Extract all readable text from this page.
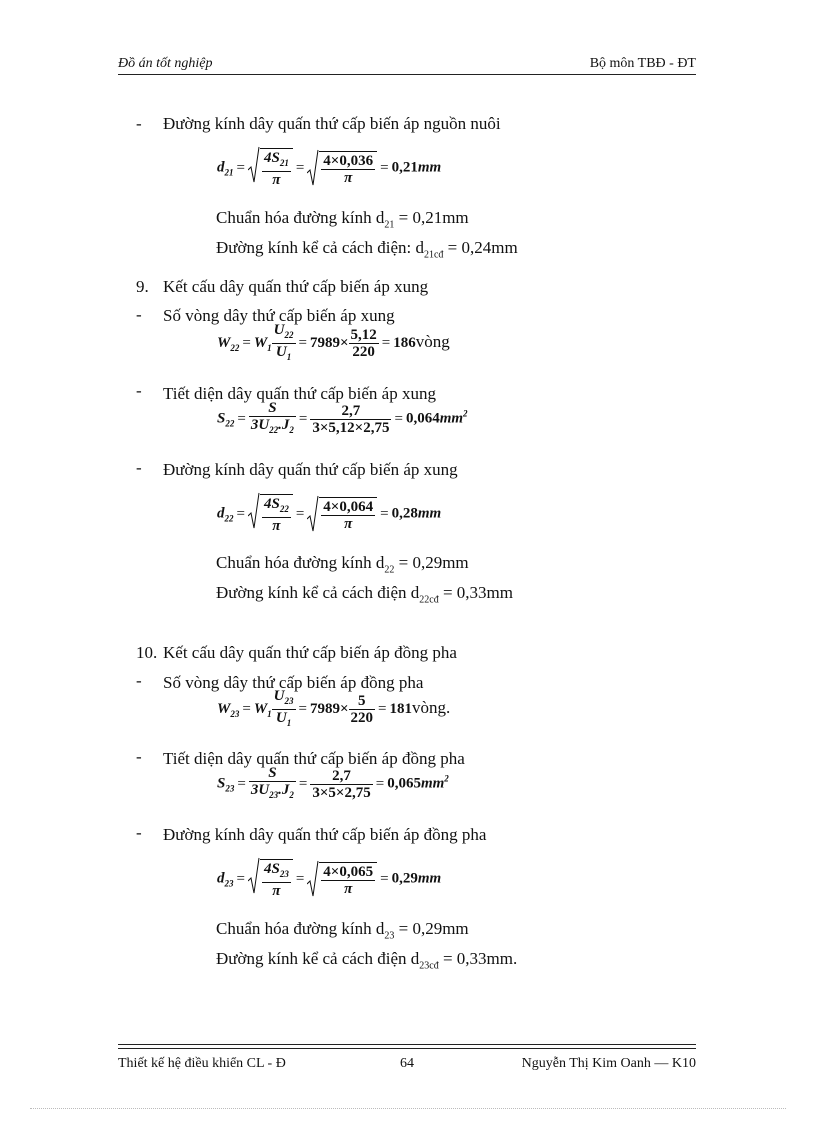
Đồ án tốt nghiệp	Bộ môn TBĐ - ĐT
- Đường kính dây quấn thứ cấp biến áp nguồn nuôi
$d_{21} = \frac{4S_{21}}{\pi} = \frac{4\times 0,036}{\pi} = 0,21mm$
Chuẩn hóa đường kính $d_{21} = 0,21mm$
Đường kính kể cả cách điện: $d_{21cđ} = 0,24mm$
9. Kết cấu dây quấn thứ cấp biến áp xung
- Số vòng dây thứ cấp biến áp xung
$W_{22} = W_1 \frac{U_{22}}{U_1} = 7989\times \frac{5,12}{220}$ = 186vòng
- Tiết diện dây quấn thứ cấp biến áp xung
$S_{22} = \frac{S}{3U_{22}.J_2} = \frac{2,7}{3\times 5,12\times 2,75} = 0,064mm^2$
- Đường kính dây quấn thứ cấp biến áp xung
$d_{22} = \frac{4S_{22}}{\pi} = \frac{4\times 0,064}{\pi} = 0,28mm$
Chuẩn hóa đường kính $d_{22} = 0,29mm$
Đường kính kể cả cách điện $d_{22cđ} = 0,33mm$
10. Kết cấu dây quấn thứ cấp biến áp đồng pha
- Số vòng dây thứ cấp biến áp đồng pha
$W_{23} = W_1 \frac{U_{23}}{U_1} = 7989\times \frac{5}{220}$ = 181vòng.
- Tiết diện dây quấn thứ cấp biến áp đồng pha
$S_{23} = \frac{S}{3U_{23}.J_2} = \frac{2,7}{3\times 5\times 2,75} = 0,065mm^2$
- Đường kính dây quấn thứ cấp biến áp đồng pha
$d_{23} = \frac{4S_{23}}{\pi} = \frac{4\times 0,065}{\pi} = 0,29mm$
Chuẩn hóa đường kính $d_{23} = 0,29mm$
Đường kính kể cả cách điện $d_{23cđ} = 0,33mm$.
Thiết kế hệ điều khiển CL - Đ	64	Nguyễn Thị Kim Oanh — K10
